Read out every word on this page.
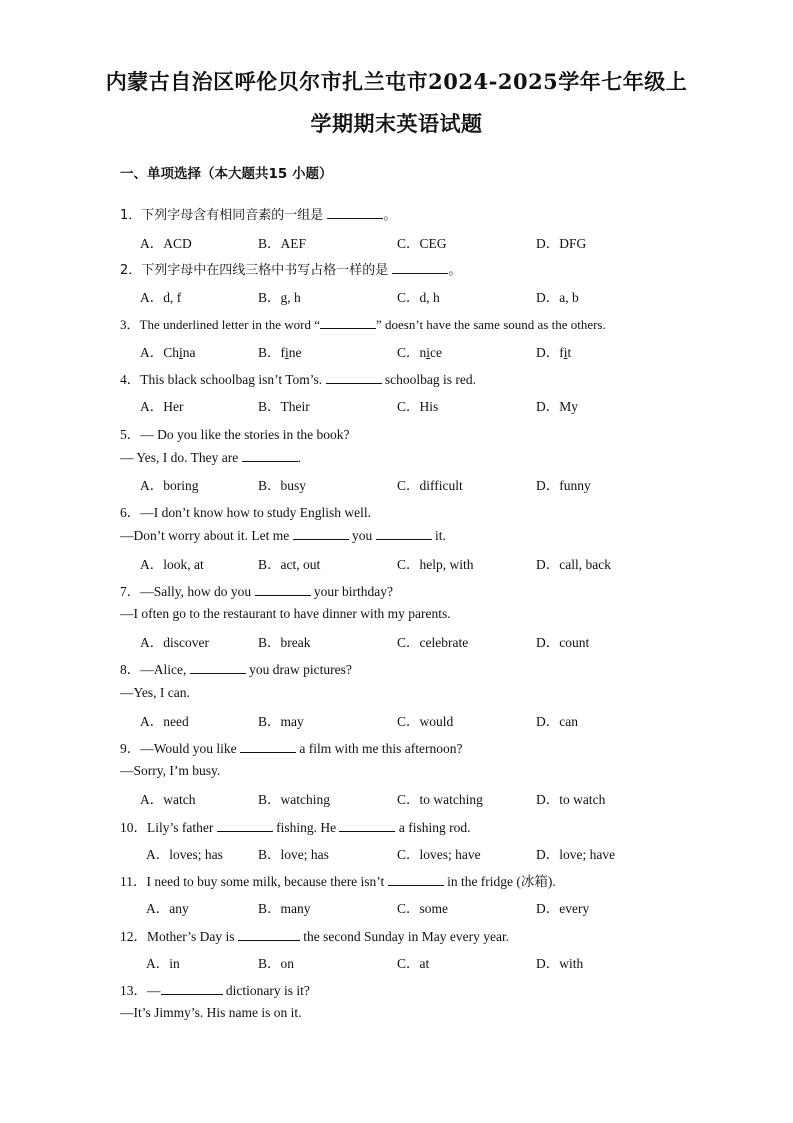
内蒙古自治区呼伦贝尔市扎兰屯市2024-2025学年七年级上
学期期末英语试题
一、单项选择（本大题共15 小题）
1．下列字母含有相同音素的一组是	。
A．ACD	B．AEF	C．CEG	D．DFG
2．下列字母中在四线三格中书写占格一样的是	。
A．d, f	B．g, h	C．d, h	D．a, b
3．The underlined letter in the word “	” doesn’t have the same sound as the others.
A．China	B．fine	C．nice	D．fit
4．This black schoolbag isn’t Tom’s.	schoolbag is red.
A．Her	B．Their	C．His	D．My
5．— Do you like the stories in the book?
— Yes, I do. They are	.
A．boring	B．busy	C．difficult	D．funny
6．—I don’t know how to study English well.
—Don’t worry about it. Let me	you	it.
A．look, at	B．act, out	C．help, with	D．call, back
7．—Sally, how do you	your birthday?
—I often go to the restaurant to have dinner with my parents.
A．discover	B．break	C．celebrate	D．count
8．—Alice,	you draw pictures?
—Yes, I can.
A．need	B．may	C．would	D．can
9．—Would you like	a film with me this afternoon?
—Sorry, I’m busy.
A．watch	B．watching	C．to watching	D．to watch
10．Lily’s father	fishing. He	a fishing rod.
A．loves; has	B．love; has	C．loves; have	D．love; have
11．I need to buy some milk, because there isn’t	in the fridge (冰箱).
A．any	B．many	C．some	D．every
12．Mother’s Day is	the second Sunday in May every year.
A．in	B．on	C．at	D．with
13．—	dictionary is it?
—It’s Jimmy’s. His name is on it.
